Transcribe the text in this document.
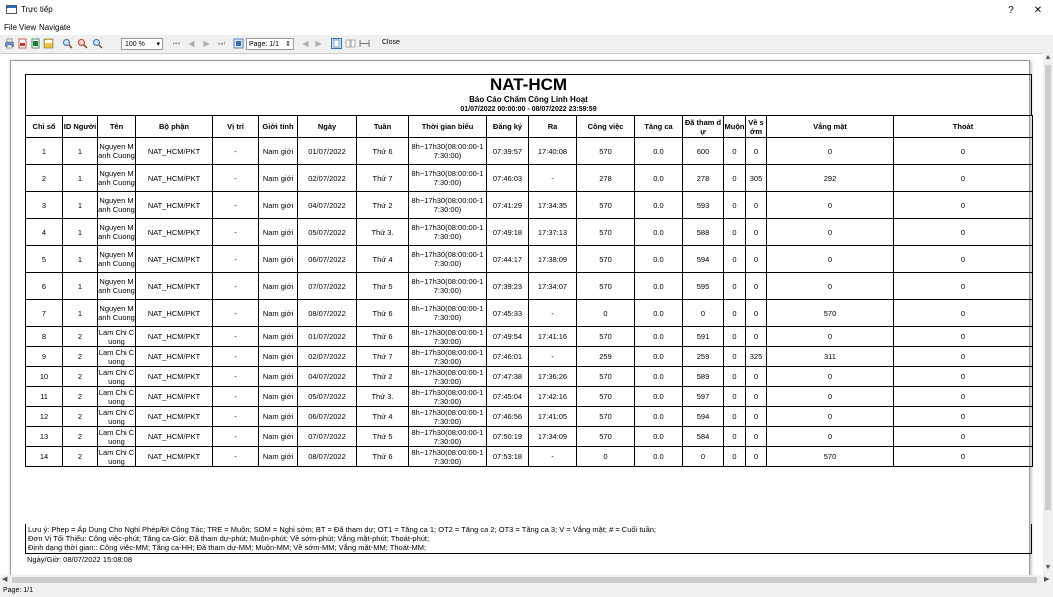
Trực tiếp	?	✕
File View Navigate
100 % ▾ ⏮	◀	▶	⏭	Page: 1/1 ⇕	◀ ▶	Close
NAT-HCM
Báo Cáo Chấm Công Linh Hoạt
01/07/2022 00:00:00 - 08/07/2022 23:59:59
Chỉ số	ID Người	Tên	Bộ phận	Vị trí	Giới tính	Ngày	Tuần	Thời gian biểu	Đăng ký	Ra	Công việc	Tăng ca	Đã tham dự	Muộn	Về sớm	Vắng mặt	Thoát
1	1	Nguyen Manh Cuong	NAT_HCM/PKT	-	Nam giới	01/07/2022	Thứ 6	8h~17h30(08:00:00-17:30:00)	07:39:57	17:40:08	570	0.0	600	0	0	0	0
2	1	Nguyen Manh Cuong	NAT_HCM/PKT	-	Nam giới	02/07/2022	Thứ 7	8h~17h30(08:00:00-17:30:00)	07:46:03	-	278	0.0	278	0	305	292	0
3	1	Nguyen Manh Cuong	NAT_HCM/PKT	-	Nam giới	04/07/2022	Thứ 2	8h~17h30(08:00:00-17:30:00)	07:41:29	17:34:35	570	0.0	593	0	0	0	0
4	1	Nguyen Manh Cuong	NAT_HCM/PKT	-	Nam giới	05/07/2022	Thứ 3.	8h~17h30(08:00:00-17:30:00)	07:49:18	17:37:13	570	0.0	588	0	0	0	0
5	1	Nguyen Manh Cuong	NAT_HCM/PKT	-	Nam giới	06/07/2022	Thứ 4	8h~17h30(08:00:00-17:30:00)	07:44:17	17:38:09	570	0.0	594	0	0	0	0
6	1	Nguyen Manh Cuong	NAT_HCM/PKT	-	Nam giới	07/07/2022	Thứ 5	8h~17h30(08:00:00-17:30:00)	07:39:23	17:34:07	570	0.0	595	0	0	0	0
7	1	Nguyen Manh Cuong	NAT_HCM/PKT	-	Nam giới	08/07/2022	Thứ 6	8h~17h30(08:00:00-17:30:00)	07:45:33	-	0	0.0	0	0	0	570	0
8	2	Lam Chi Cuong	NAT_HCM/PKT	-	Nam giới	01/07/2022	Thứ 6	8h~17h30(08:00:00-17:30:00)	07:49:54	17:41:16	570	0.0	591	0	0	0	0
9	2	Lam Chi Cuong	NAT_HCM/PKT	-	Nam giới	02/07/2022	Thứ 7	8h~17h30(08:00:00-17:30:00)	07:46:01	-	259	0.0	259	0	325	311	0
10	2	Lam Chi Cuong	NAT_HCM/PKT	-	Nam giới	04/07/2022	Thứ 2	8h~17h30(08:00:00-17:30:00)	07:47:38	17:36:26	570	0.0	589	0	0	0	0
11	2	Lam Chi Cuong	NAT_HCM/PKT	-	Nam giới	05/07/2022	Thứ 3.	8h~17h30(08:00:00-17:30:00)	07:45:04	17:42:16	570	0.0	597	0	0	0	0
12	2	Lam Chi Cuong	NAT_HCM/PKT	-	Nam giới	06/07/2022	Thứ 4	8h~17h30(08:00:00-17:30:00)	07:46:56	17:41:05	570	0.0	594	0	0	0	0
13	2	Lam Chi Cuong	NAT_HCM/PKT	-	Nam giới	07/07/2022	Thứ 5	8h~17h30(08:00:00-17:30:00)	07:50:19	17:34:09	570	0.0	584	0	0	0	0
14	2	Lam Chi Cuong	NAT_HCM/PKT	-	Nam giới	08/07/2022	Thứ 6	8h~17h30(08:00:00-17:30:00)	07:53:18	-	0	0.0	0	0	0	570	0
Lưu ý: Phep = Áp Dụng Cho Nghỉ Phép/Đi Công Tác; TRE = Muộn; SOM = Nghỉ sớm; BT = Đã tham dự; OT1 = Tăng ca 1; OT2 = Tăng ca 2; OT3 = Tăng ca 3; V = Vắng mặt; # = Cuối tuần;
Đơn Vị Tối Thiểu: Công việc-phút; Tăng ca-Giờ; Đã tham dự-phút; Muộn-phút; Về sớm-phút; Vắng mặt-phút; Thoát-phút;
Định dạng thời gian:: Công việc-MM; Tăng ca-HH; Đã tham dự-MM; Muộn-MM; Về sớm-MM; Vắng mặt-MM; Thoát-MM;
Ngày/Giờ: 08/07/2022 15:08:08
▲
▼
◀	▶
Page: 1/1
